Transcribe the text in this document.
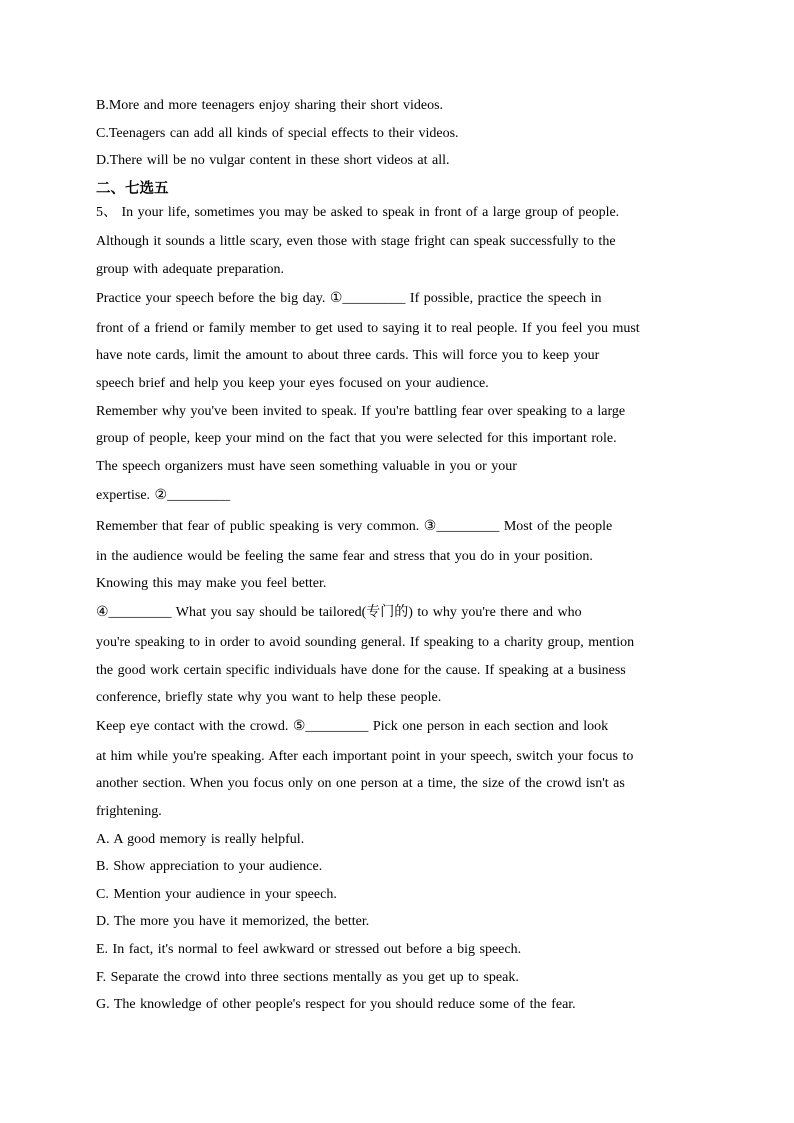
B.More and more teenagers enjoy sharing their short videos.
C.Teenagers can add all kinds of special effects to their videos.
D.There will be no vulgar content in these short videos at all.
二、七选五
5、 In your life, sometimes you may be asked to speak in front of a large group of people.
Although it sounds a little scary, even those with stage fright can speak successfully to the
group with adequate preparation.
Practice your speech before the big day. ①_________ If possible, practice the speech in
front of a friend or family member to get used to saying it to real people. If you feel you must
have note cards, limit the amount to about three cards. This will force you to keep your
speech brief and help you keep your eyes focused on your audience.
Remember why you've been invited to speak. If you're battling fear over speaking to a large
group of people, keep your mind on the fact that you were selected for this important role.
The speech organizers must have seen something valuable in you or your
expertise. ②_________
Remember that fear of public speaking is very common. ③_________ Most of the people
in the audience would be feeling the same fear and stress that you do in your position.
Knowing this may make you feel better.
④_________ What you say should be tailored(专门的) to why you're there and who
you're speaking to in order to avoid sounding general. If speaking to a charity group, mention
the good work certain specific individuals have done for the cause. If speaking at a business
conference, briefly state why you want to help these people.
Keep eye contact with the crowd. ⑤_________ Pick one person in each section and look
at him while you're speaking. After each important point in your speech, switch your focus to
another section. When you focus only on one person at a time, the size of the crowd isn't as
frightening.
A. A good memory is really helpful.
B. Show appreciation to your audience.
C. Mention your audience in your speech.
D. The more you have it memorized, the better.
E. In fact, it's normal to feel awkward or stressed out before a big speech.
F. Separate the crowd into three sections mentally as you get up to speak.
G. The knowledge of other people's respect for you should reduce some of the fear.
